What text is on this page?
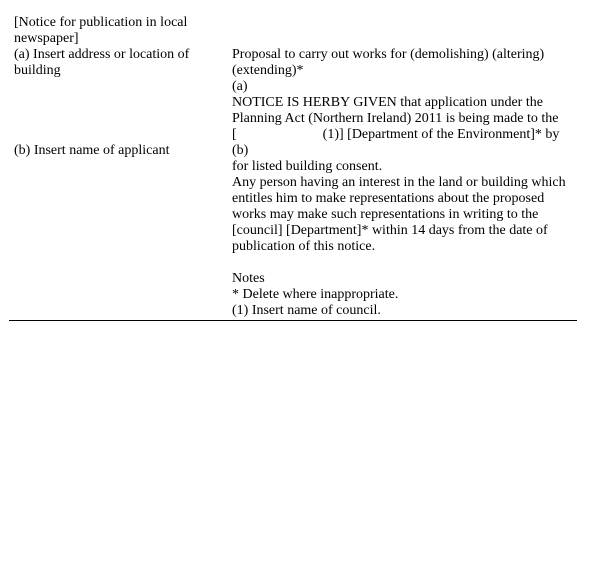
[Notice for publication in local
newspaper]
(a) Insert address or location of
building
(b) Insert name of applicant
Proposal to carry out works for (demolishing) (altering)
(extending)*
(a)
NOTICE IS HERBY GIVEN that application under the
Planning Act (Northern Ireland) 2011 is being made to the
[	(1)] [Department of the Environment]* by
(b)
for listed building consent.
Any person having an interest in the land or building which
entitles him to make representations about the proposed
works may make such representations in writing to the
[council] [Department]* within 14 days from the date of
publication of this notice.
Notes
* Delete where inappropriate.
(1) Insert name of council.
